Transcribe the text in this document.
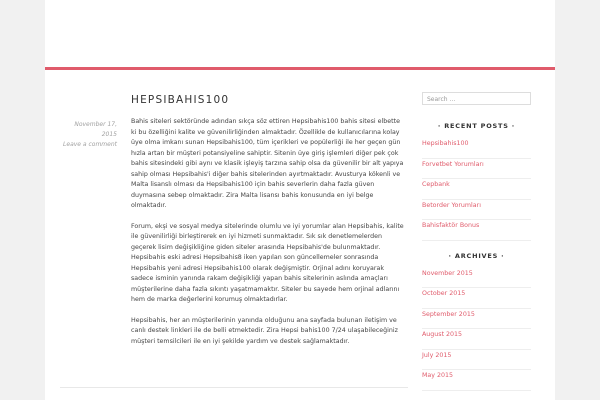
November 17, 2015
Leave a comment
HEPSIBAHIS100

Bahis siteleri sektöründe adından sıkça söz ettiren Hepsibahis100 bahis sitesi elbette ki bu özelliğini kalite ve güvenilirliğinden almaktadır. Özellikle de kullanıcılarına kolay üye olma imkanı sunan Hepsibahis100, tüm içerikleri ve popülerliği ile her geçen gün hızla artan bir müşteri potansiyeline sahiptir. Sitenin üye giriş işlemleri diğer pek çok bahis sitesindeki gibi aynı ve klasik işleyiş tarzına sahip olsa da güvenilir bir alt yapıya sahip olması Hepsibahis'i diğer bahis sitelerinden ayırtmaktadır. Avusturya kökenli ve Malta lisanslı olması da Hepsibahis100 için bahis severlerin daha fazla güven duymasına sebep olmaktadır. Zira Malta lisansı bahis konusunda en iyi belge olmaktadır.

Forum, ekşi ve sosyal medya sitelerinde olumlu ve iyi yorumlar alan Hepsibahis, kalite ile güvenilirliği birleştirerek en iyi hizmeti sunmaktadır. Sık sık denetlemelerden geçerek lisim değişikliğine giden siteler arasında Hepsibahis'de bulunmaktadır. Hepsibahis eski adresi Hepsibahis8 iken yapılan son güncellemeler sonrasında Hepsibahis yeni adresi Hepsibahis100 olarak değişmiştir. Orjinal adını koruyarak sadece isminin yanında rakam değişikliği yapan bahis sitelerinin aslında amaçları müşterilerine daha fazla sıkıntı yaşatmamaktır. Siteler bu sayede hem orjinal adlarını hem de marka değerlerini korumuş olmaktadırlar.

Hepsibahis, her an müşterilerinin yanında olduğunu ana sayfada bulunan iletişim ve canlı destek linkleri ile de belli etmektedir. Zira Hepsi bahis100 7/24 ulaşabileceğiniz müşteri temsilcileri ile en iyi şekilde yardım ve destek sağlamaktadır.

Search ...
· RECENT POSTS ·
Hepsibahis100
Forvetbet Yorumları
Cepbank
Betorder Yorumları
Bahisfaktör Bonus
· ARCHIVES ·
November 2015
October 2015
September 2015
August 2015
July 2015
May 2015
